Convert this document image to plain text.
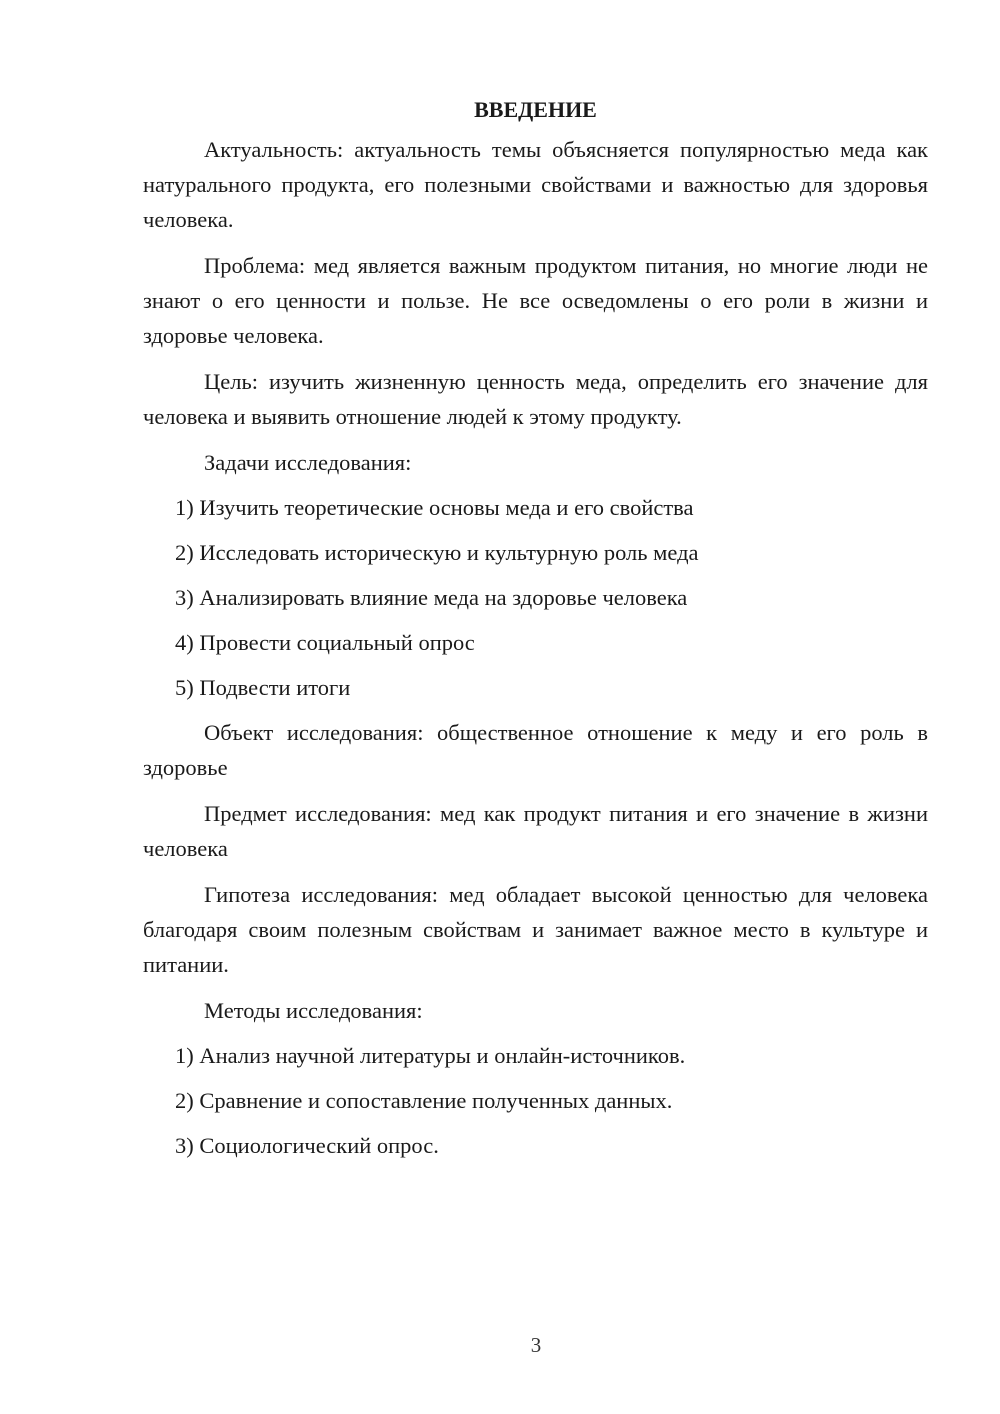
ВВЕДЕНИЕ

Актуальность: актуальность темы объясняется популярностью меда как натурального продукта, его полезными свойствами и важностью для здоровья человека.

Проблема: мед является важным продуктом питания, но многие люди не знают о его ценности и пользе. Не все осведомлены о его роли в жизни и здоровье человека.

Цель: изучить жизненную ценность меда, определить его значение для человека и выявить отношение людей к этому продукту.

Задачи исследования:
1) Изучить теоретические основы меда и его свойства
2) Исследовать историческую и культурную роль меда
3) Анализировать влияние меда на здоровье человека
4) Провести социальный опрос
5) Подвести итоги

Объект исследования: общественное отношение к меду и его роль в здоровье

Предмет исследования: мед как продукт питания и его значение в жизни человека

Гипотеза исследования: мед обладает высокой ценностью для человека благодаря своим полезным свойствам и занимает важное место в культуре и питании.

Методы исследования:
1) Анализ научной литературы и онлайн-источников.
2) Сравнение и сопоставление полученных данных.
3) Социологический опрос.
3
